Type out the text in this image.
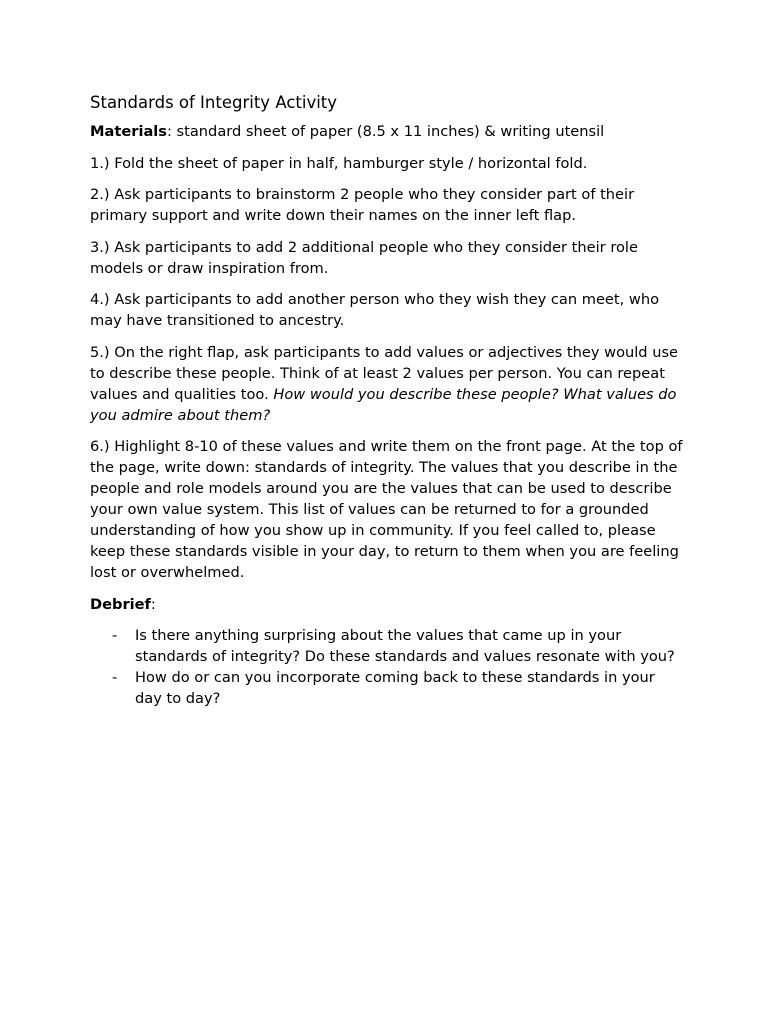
Standards of Integrity Activity

Materials: standard sheet of paper (8.5 x 11 inches) & writing utensil

1.) Fold the sheet of paper in half, hamburger style / horizontal fold.

2.) Ask participants to brainstorm 2 people who they consider part of their primary support and write down their names on the inner left flap.

3.) Ask participants to add 2 additional people who they consider their role models or draw inspiration from.

4.) Ask participants to add another person who they wish they can meet, who may have transitioned to ancestry.

5.) On the right flap, ask participants to add values or adjectives they would use to describe these people. Think of at least 2 values per person. You can repeat values and qualities too. How would you describe these people? What values do you admire about them?

6.) Highlight 8-10 of these values and write them on the front page. At the top of the page, write down: standards of integrity. The values that you describe in the people and role models around you are the values that can be used to describe your own value system. This list of values can be returned to for a grounded understanding of how you show up in community. If you feel called to, please keep these standards visible in your day, to return to them when you are feeling lost or overwhelmed.

Debrief:

- Is there anything surprising about the values that came up in your standards of integrity? Do these standards and values resonate with you?
- How do or can you incorporate coming back to these standards in your day to day?
